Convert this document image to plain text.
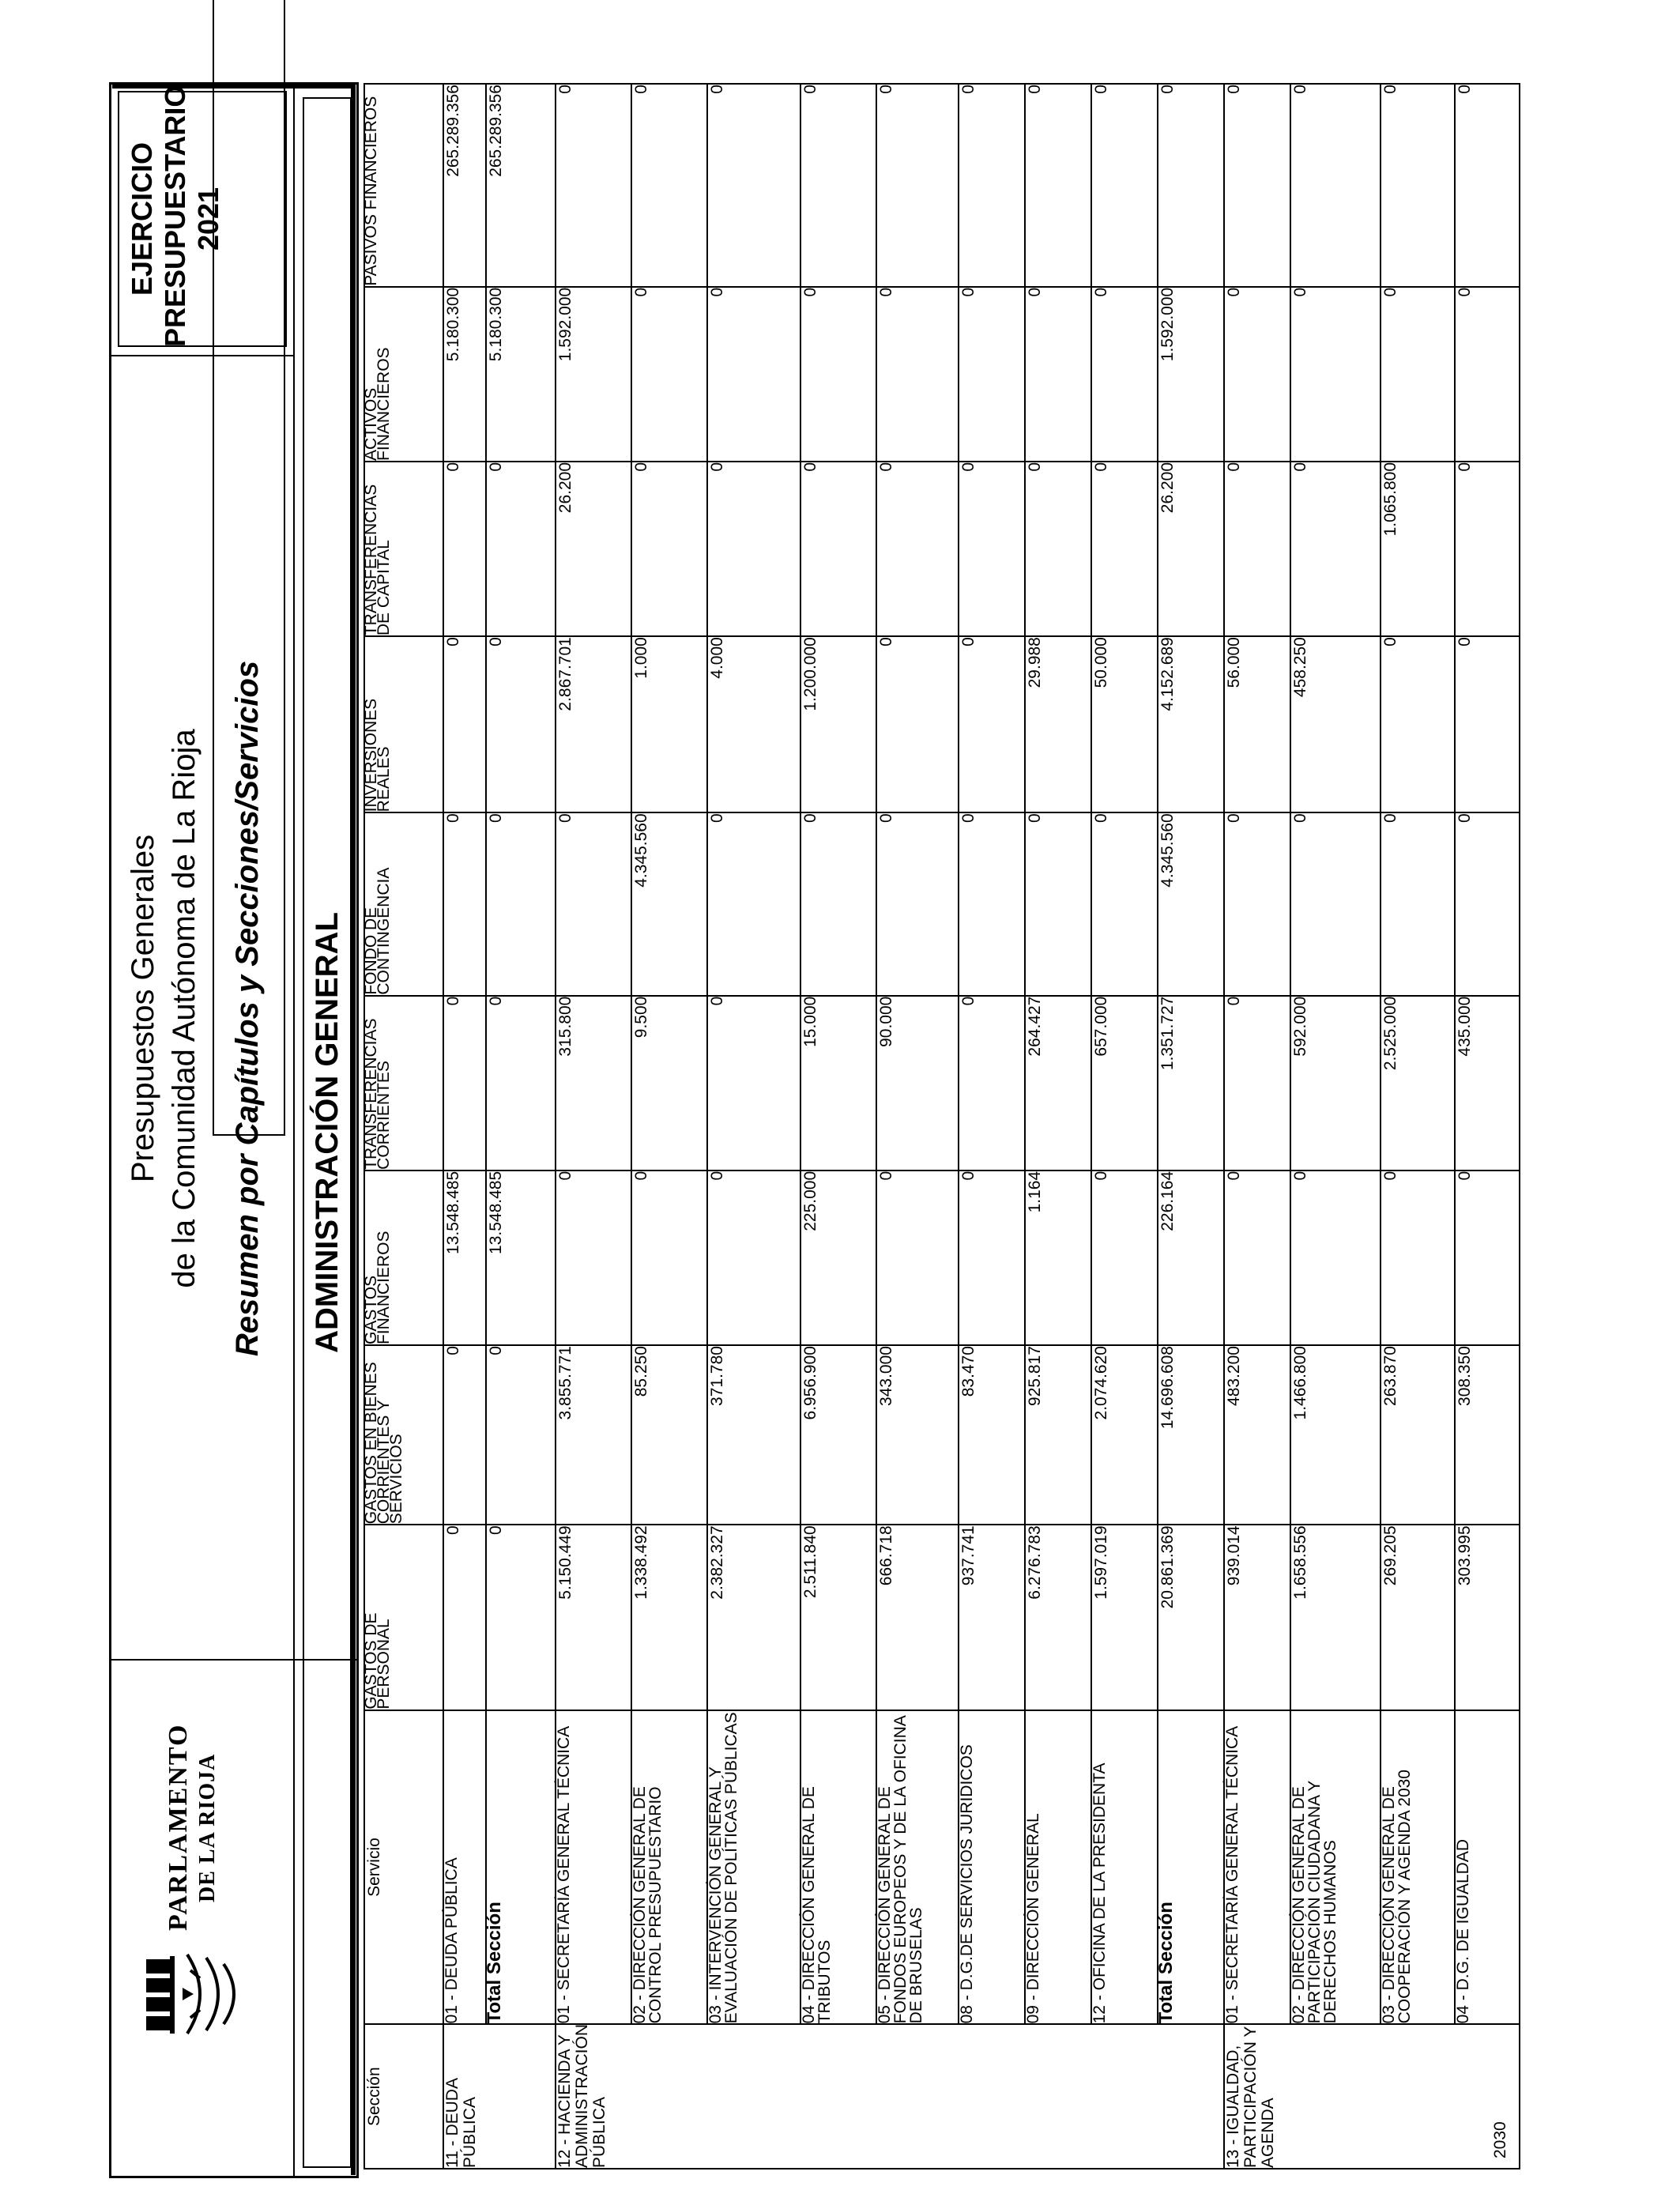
PARLAMENTO DE LA RIOJA
Presupuestos Generales de la Comunidad Autónoma de La Rioja Resumen por Capítulos y Secciones/Servicios
EJERCICIO PRESUPUESTARIO 2021
ADMINISTRACIÓN GENERAL
Sección	Servicio	GASTOS DE PERSONAL	GASTOS EN BIENES CORRIENTES Y SERVICIOS	GASTOS FINANCIEROS	TRANSFERENCIAS CORRIENTES	FONDO DE CONTINGENCIA	INVERSIONES REALES	TRANSFERENCIAS DE CAPITAL	ACTIVOS FINANCIEROS	PASIVOS FINANCIEROS
11 - DEUDA PÚBLICA	01 - DEUDA PÚBLICA	0	0	13.548.485	0	0	0	0	5.180.300	265.289.356
	Total Sección	0	0	13.548.485	0	0	0	0	5.180.300	265.289.356
12 - HACIENDA Y ADMINISTRACIÓN PÚBLICA	01 - SECRETARÍA GENERAL TÉCNICA	5.150.449	3.855.771	0	315.800	0	2.867.701	26.200	1.592.000	0
	02 - DIRECCIÓN GENERAL DE CONTROL PRESUPUESTARIO	1.338.492	85.250	0	9.500	4.345.560	1.000	0	0	0
	03 - INTERVENCIÓN GENERAL Y EVALUACIÓN DE POLÍTICAS PÚBLICAS	2.382.327	371.780	0	0	0	4.000	0	0	0
	04 - DIRECCIÓN GENERAL DE TRIBUTOS	2.511.840	6.956.900	225.000	15.000	0	1.200.000	0	0	0
	05 - DIRECCIÓN GENERAL DE FONDOS EUROPEOS Y DE LA OFICINA DE BRUSELAS	666.718	343.000	0	90.000	0	0	0	0	0
	08 - D.G.DE SERVICIOS JURIDICOS	937.741	83.470	0	0	0	0	0	0	0
	09 - DIRECCIÓN GENERAL	6.276.783	925.817	1.164	264.427	0	29.988	0	0	0
	12 - OFICINA DE LA PRESIDENTA	1.597.019	2.074.620	0	657.000	0	50.000	0	0	0
	Total Sección	20.861.369	14.696.608	226.164	1.351.727	4.345.560	4.152.689	26.200	1.592.000	0
13 - IGUALDAD, PARTICIPACIÓN Y AGENDA 2030	01 - SECRETARÍA GENERAL TÉCNICA	939.014	483.200	0	0	0	56.000	0	0	0
	02 - DIRECCIÓN GENERAL DE PARTICIPACIÓN CIUDADANA Y DERECHOS HUMANOS	1.658.556	1.466.800	0	592.000	0	458.250	0	0	0
	03 - DIRECCIÓN GENERAL DE COOPERACIÓN Y AGENDA 2030	269.205	263.870	0	2.525.000	0	0	1.065.800	0	0
	04 - D.G. DE IGUALDAD	303.995	308.350	0	435.000	0	0	0	0	0
